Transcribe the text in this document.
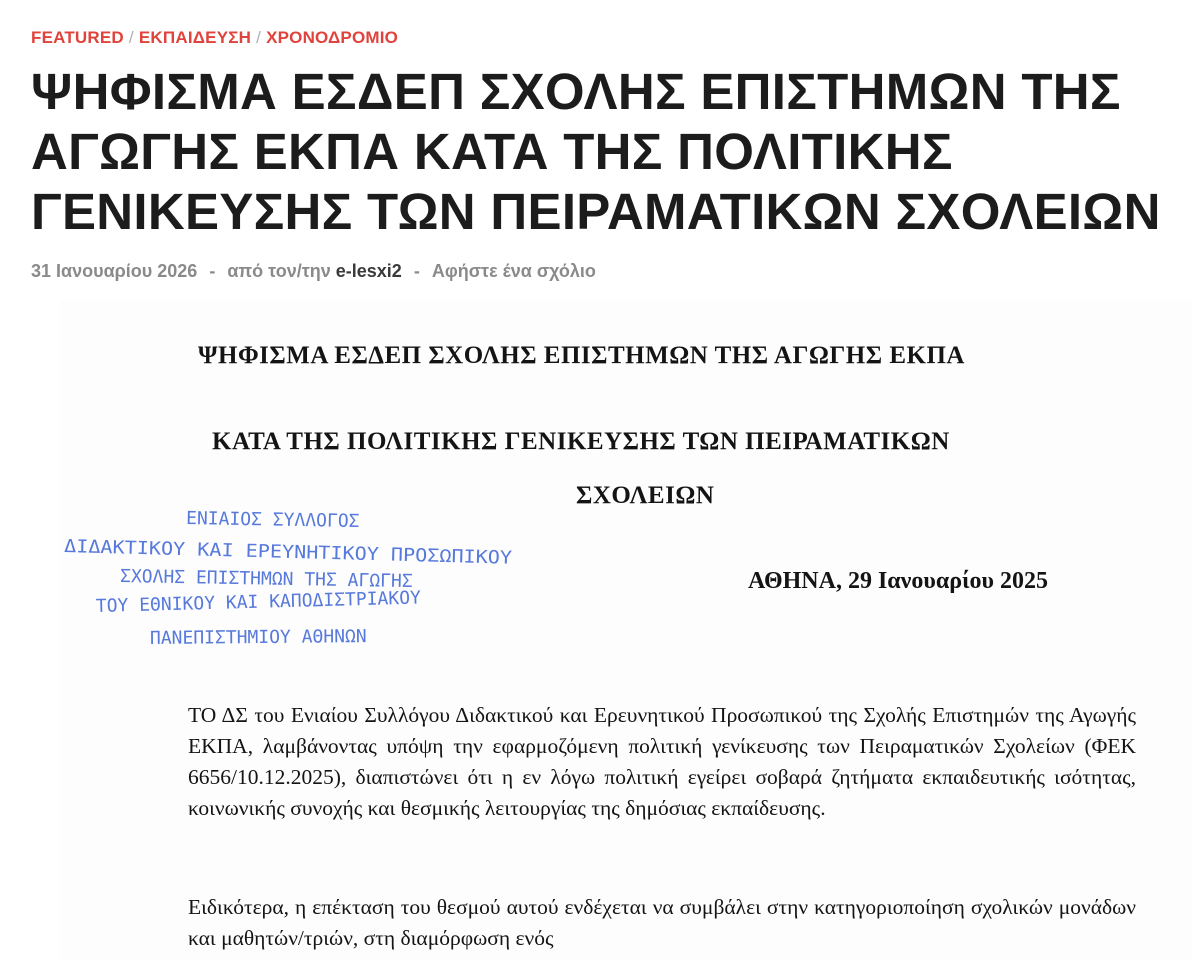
FEATURED / ΕΚΠΑΙΔΕΥΣΗ / ΧΡΟΝΟΔΡΟΜΙΟ
ΨΗΦΙΣΜΑ ΕΣΔΕΠ ΣΧΟΛΗΣ ΕΠΙΣΤΗΜΩΝ ΤΗΣ ΑΓΩΓΗΣ ΕΚΠΑ ΚΑΤΑ ΤΗΣ ΠΟΛΙΤΙΚΗΣ ΓΕΝΙΚΕΥΣΗΣ ΤΩΝ ΠΕΙΡΑΜΑΤΙΚΩΝ ΣΧΟΛΕΙΩΝ
31 Ιανουαρίου 2026 - από τον/την e-lesxi2 - Αφήστε ένα σχόλιο
ΨΗΦΙΣΜΑ ΕΣΔΕΠ ΣΧΟΛΗΣ ΕΠΙΣΤΗΜΩΝ ΤΗΣ ΑΓΩΓΗΣ ΕΚΠΑ
ΚΑΤΑ ΤΗΣ ΠΟΛΙΤΙΚΗΣ ΓΕΝΙΚΕΥΣΗΣ ΤΩΝ ΠΕΙΡΑΜΑΤΙΚΩΝ
ΣΧΟΛΕΙΩΝ
ΕΝΙΑΙΟΣ ΣΥΛΛΟΓΟΣ
ΔΙΔΑΚΤΙΚΟΥ ΚΑΙ ΕΡΕΥΝΗΤΙΚΟΥ ΠΡΟΣΩΠΙΚΟΥ
ΣΧΟΛΗΣ ΕΠΙΣΤΗΜΩΝ ΤΗΣ ΑΓΩΓΗΣ
ΤΟΥ ΕΘΝΙΚΟΥ ΚΑΙ ΚΑΠΟΔΙΣΤΡΙΑΚΟΥ
ΠΑΝΕΠΙΣΤΗΜΙΟΥ ΑΘΗΝΩΝ
ΑΘΗΝΑ, 29 Ιανουαρίου 2025

ΤΟ ΔΣ του Ενιαίου Συλλόγου Διδακτικού και Ερευνητικού Προσωπικού της Σχολής Επιστημών της Αγωγής ΕΚΠΑ, λαμβάνοντας υπόψη την εφαρμοζόμενη πολιτική γενίκευσης των Πειραματικών Σχολείων (ΦΕΚ 6656/10.12.2025), διαπιστώνει ότι η εν λόγω πολιτική εγείρει σοβαρά ζητήματα εκπαιδευτικής ισότητας, κοινωνικής συνοχής και θεσμικής λειτουργίας της δημόσιας εκπαίδευσης.

Ειδικότερα, η επέκταση του θεσμού αυτού ενδέχεται να συμβάλει στην κατηγοριοποίηση σχολικών μονάδων και μαθητών/τριών, στη διαμόρφωση ενός
